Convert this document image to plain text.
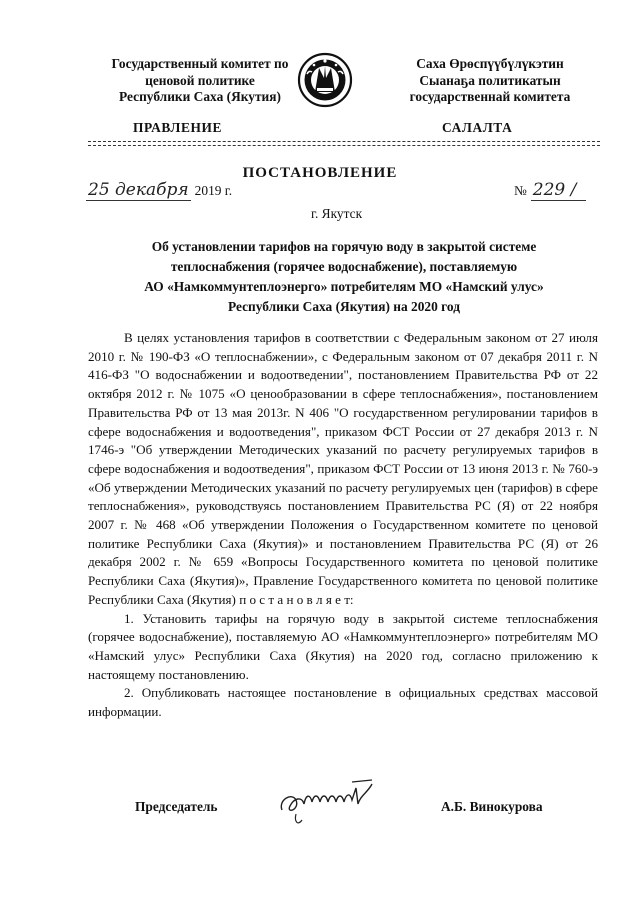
Государственный комитет по
ценовой политике
Республики Саха (Якутия)
Саха Өрөспүүбүлүкэтин
Сыанаҕа политикатын
государственнай комитета
ПРАВЛЕНИЕ	САЛАЛТА
ПОСТАНОВЛЕНИЕ
25 декабря 2019 г.	№ 229 /
г. Якутск
Об установлении тарифов на горячую воду в закрытой системе
теплоснабжения (горячее водоснабжение), поставляемую
АО «Намкоммунтеплоэнерго» потребителям МО «Намский улус»
Республики Саха (Якутия) на 2020 год

В целях установления тарифов в соответствии с Федеральным законом от 27 июля 2010 г. № 190-ФЗ «О теплоснабжении», с Федеральным законом от 07 декабря 2011 г. N 416-ФЗ "О водоснабжении и водоотведении", постановлением Правительства РФ от 22 октября 2012 г. № 1075 «О ценообразовании в сфере теплоснабжения», постановлением Правительства РФ от 13 мая 2013г. N 406 "О государственном регулировании тарифов в сфере водоснабжения и водоотведения", приказом ФСТ России от 27 декабря 2013 г. N 1746-э "Об утверждении Методических указаний по расчету регулируемых тарифов в сфере водоснабжения и водоотведения", приказом ФСТ России от 13 июня 2013 г. № 760-э «Об утверждении Методических указаний по расчету регулируемых цен (тарифов) в сфере теплоснабжения», руководствуясь постановлением Правительства РС (Я) от 22 ноября 2007 г. № 468 «Об утверждении Положения о Государственном комитете по ценовой политике Республики Саха (Якутия)» и постановлением Правительства РС (Я) от 26 декабря 2002 г. № 659 «Вопросы Государственного комитета по ценовой политике Республики Саха (Якутия)», Правление Государственного комитета по ценовой политике Республики Саха (Якутия) п о с т а н о в л я е т:

1. Установить тарифы на горячую воду в закрытой системе теплоснабжения (горячее водоснабжение), поставляемую АО «Намкоммунтеплоэнерго» потребителям МО «Намский улус» Республики Саха (Якутия) на 2020 год, согласно приложению к настоящему постановлению.

2. Опубликовать настоящее постановление в официальных средствах массовой информации.

Председатель	А.Б. Винокурова
